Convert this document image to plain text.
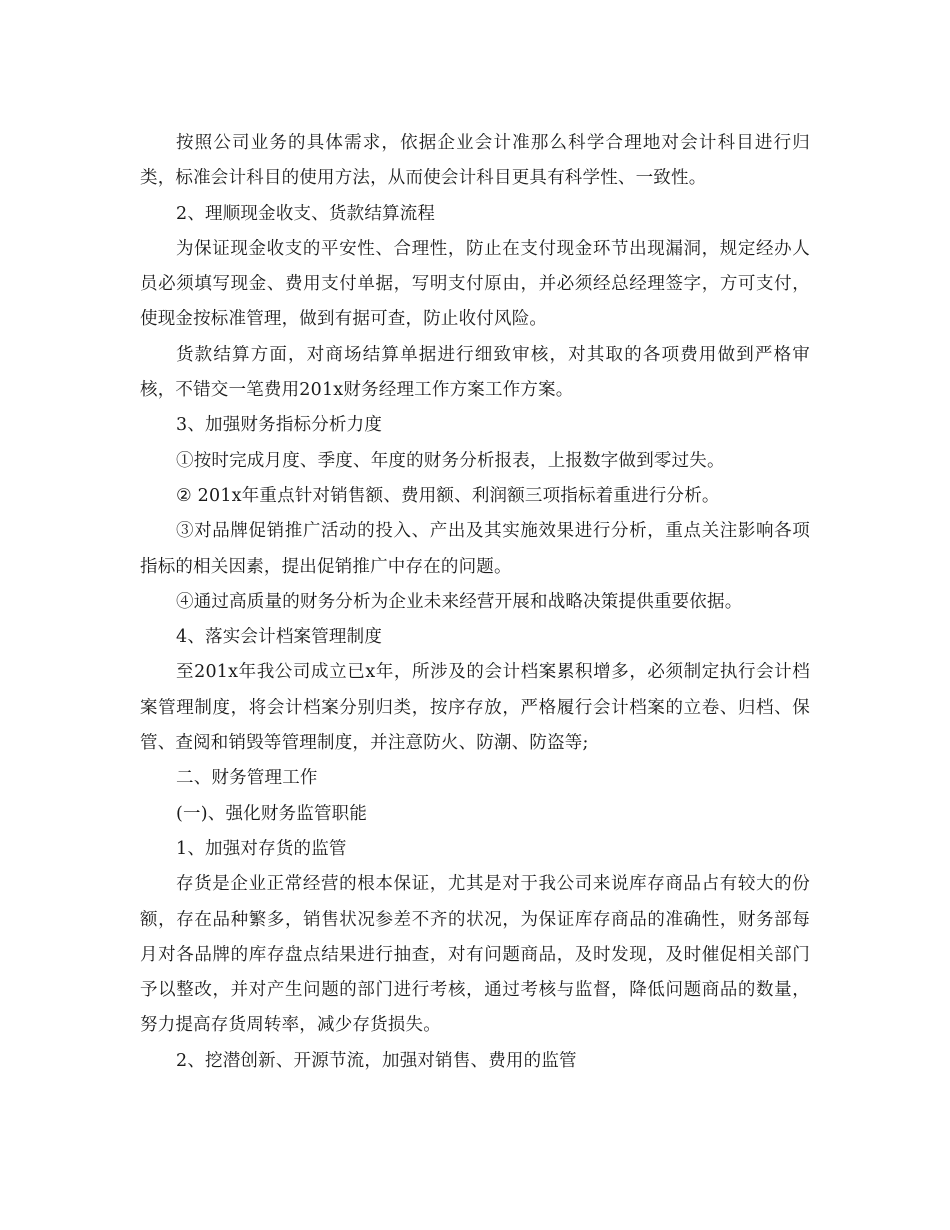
按照公司业务的具体需求，依据企业会计准那么科学合理地对会计科目进行归类，标准会计科目的使用方法，从而使会计科目更具有科学性、一致性。

2、理顺现金收支、货款结算流程

为保证现金收支的平安性、合理性，防止在支付现金环节出现漏洞，规定经办人员必须填写现金、费用支付单据，写明支付原由，并必须经总经理签字，方可支付，使现金按标准管理，做到有据可查，防止收付风险。

货款结算方面，对商场结算单据进行细致审核，对其取的各项费用做到严格审核，不错交一笔费用201x财务经理工作方案工作方案。

3、加强财务指标分析力度

①按时完成月度、季度、年度的财务分析报表，上报数字做到零过失。

② 201x年重点针对销售额、费用额、利润额三项指标着重进行分析。

③对品牌促销推广活动的投入、产出及其实施效果进行分析，重点关注影响各项指标的相关因素，提出促销推广中存在的问题。

④通过高质量的财务分析为企业未来经营开展和战略决策提供重要依据。

4、落实会计档案管理制度

至201x年我公司成立已x年，所涉及的会计档案累积增多，必须制定执行会计档案管理制度，将会计档案分别归类，按序存放，严格履行会计档案的立卷、归档、保管、查阅和销毁等管理制度，并注意防火、防潮、防盗等;

二、财务管理工作

(一)、强化财务监管职能

1、加强对存货的监管

存货是企业正常经营的根本保证，尤其是对于我公司来说库存商品占有较大的份额，存在品种繁多，销售状况参差不齐的状况，为保证库存商品的准确性，财务部每月对各品牌的库存盘点结果进行抽查，对有问题商品，及时发现，及时催促相关部门予以整改，并对产生问题的部门进行考核，通过考核与监督，降低问题商品的数量，努力提高存货周转率，减少存货损失。

2、挖潜创新、开源节流，加强对销售、费用的监管
